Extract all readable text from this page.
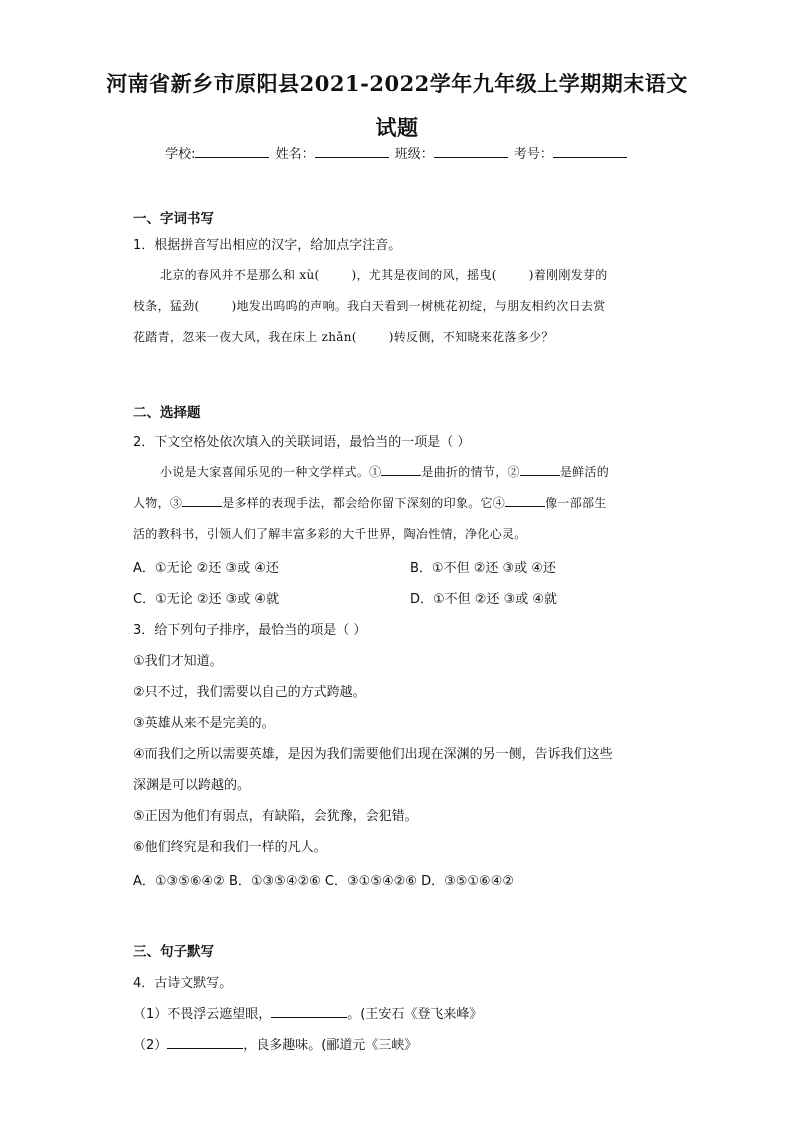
河南省新乡市原阳县2021-2022学年九年级上学期期末语文
试题
学校:	姓名：	班级：	考号：
一、字词书写
1．根据拼音写出相应的汉字，给加点字注音。
北京的春风并不是那么和 xù(	)，尤其是夜间的风，摇曳(	)着刚刚发芽的
枝条，猛劲(	)地发出呜呜的声响。我白天看到一树桃花初绽，与朋友相约次日去赏
花踏青，忽来一夜大风，我在床上 zhǎn(	)转反侧，不知晓来花落多少？
二、选择题
2．下文空格处依次填入的关联词语，最恰当的一项是（ ）
小说是大家喜闻乐见的一种文学样式。①	是曲折的情节，②	是鲜活的
人物，③	是多样的表现手法，都会给你留下深刻的印象。它④	像一部部生
活的教科书，引领人们了解丰富多彩的大千世界，陶冶性情，净化心灵。
A．①无论 ②还 ③或 ④还	B．①不但 ②还 ③或 ④还
C．①无论 ②还 ③或 ④就	D．①不但 ②还 ③或 ④就
3．给下列句子排序，最恰当的项是（ ）
①我们才知道。
②只不过，我们需要以自己的方式跨越。
③英雄从来不是完美的。
④而我们之所以需要英雄，是因为我们需要他们出现在深渊的另一侧，告诉我们这些
深渊是可以跨越的。
⑤正因为他们有弱点，有缺陷，会犹豫，会犯错。
⑥他们终究是和我们一样的凡人。
A．①③⑤⑥④② B．①③⑤④②⑥ C．③①⑤④②⑥ D．③⑤①⑥④②
三、句子默写
4．古诗文默写。
（1）不畏浮云遮望眼，	。(王安石《登飞来峰》
（2）	，良多趣味。(郦道元《三峡》
